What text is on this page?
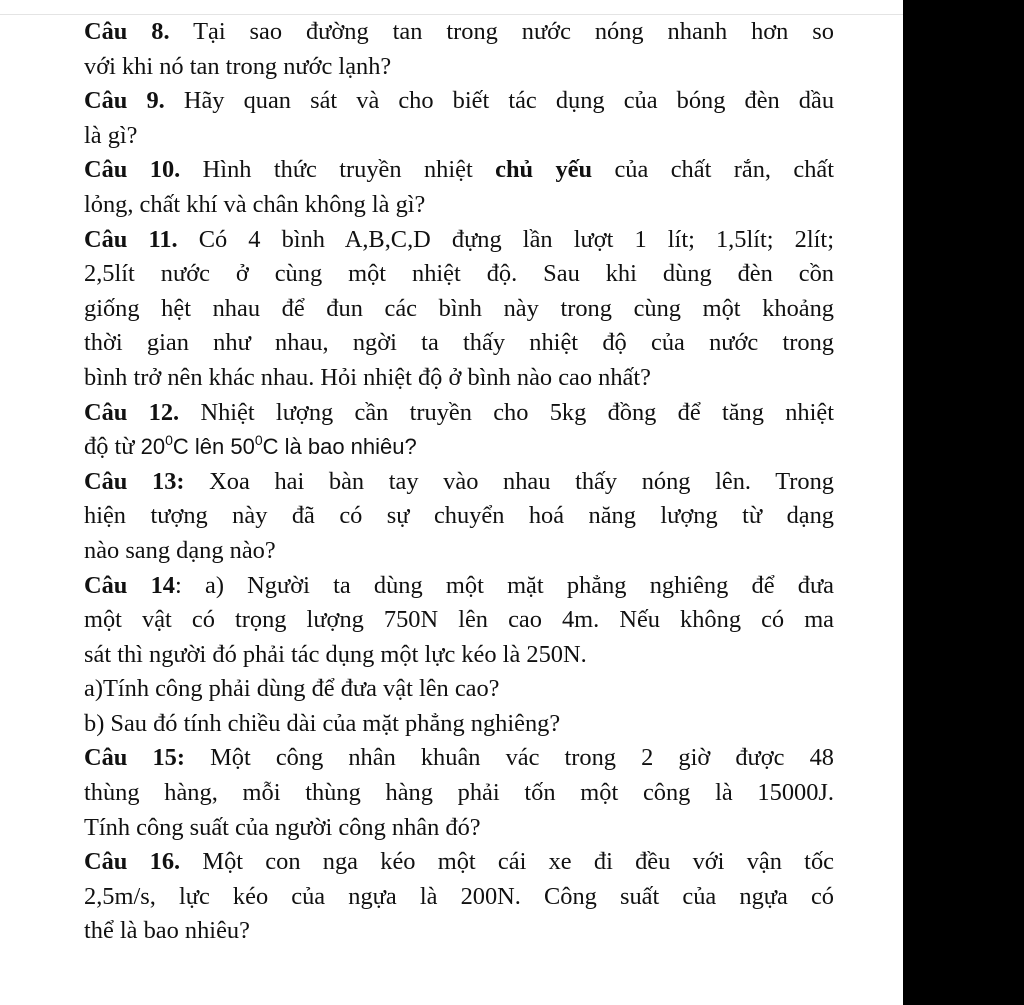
Câu 8. Tại sao đường tan trong nước nóng nhanh hơn so
với khi nó tan trong nước lạnh?
Câu 9. Hãy quan sát và cho biết tác dụng của bóng đèn dầu
là gì?
Câu 10. Hình thức truyền nhiệt chủ yếu của chất rắn, chất
lỏng, chất khí và chân không là gì?
Câu 11. Có 4 bình A,B,C,D đựng lần lượt 1 lít; 1,5lít; 2lít;
2,5lít nước ở cùng một nhiệt độ. Sau khi dùng đèn cồn
giống hệt nhau để đun các bình này trong cùng một khoảng
thời gian như nhau, ngời ta thấy nhiệt độ của nước trong
bình trở nên khác nhau. Hỏi nhiệt độ ở bình nào cao nhất?
Câu 12. Nhiệt lượng cần truyền cho 5kg đồng để tăng nhiệt
độ từ $20^0C$ lên $50^0C$ là bao nhiêu?
Câu 13: Xoa hai bàn tay vào nhau thấy nóng lên. Trong
hiện tượng này đã có sự chuyển hoá năng lượng từ dạng
nào sang dạng nào?
Câu 14: a) Người ta dùng một mặt phẳng nghiêng để đưa
một vật có trọng lượng 750N lên cao 4m. Nếu không có ma
sát thì người đó phải tác dụng một lực kéo là 250N.
a)Tính công phải dùng để đưa vật lên cao?
b) Sau đó tính chiều dài của mặt phẳng nghiêng?
Câu 15: Một công nhân khuân vác trong 2 giờ được 48
thùng hàng, mỗi thùng hàng phải tốn một công là 15000J.
Tính công suất của người công nhân đó?
Câu 16. Một con nga kéo một cái xe đi đều với vận tốc
2,5m/s, lực kéo của ngựa là 200N. Công suất của ngựa có
thể là bao nhiêu?
